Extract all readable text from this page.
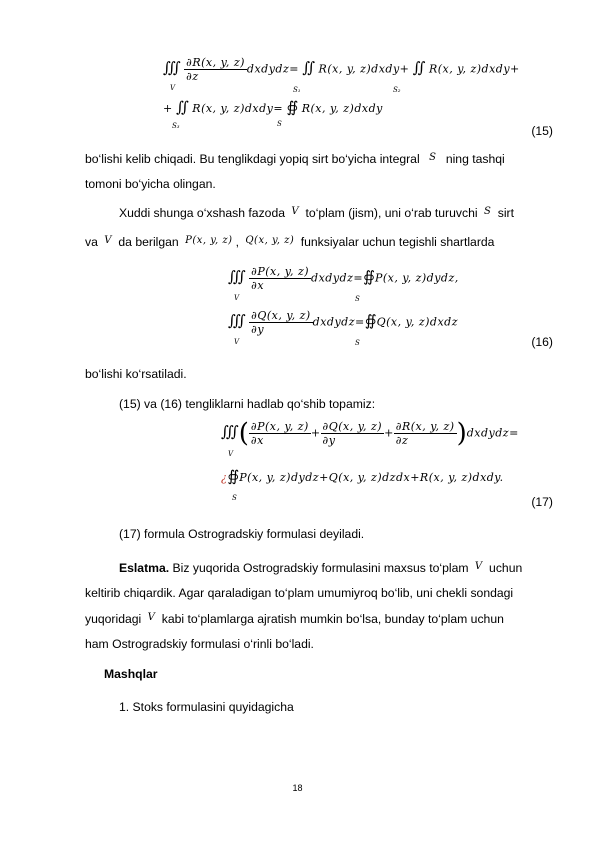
∭ $\frac{\partial R(x, y, z)}{\partial z}$ dxdydz= ∬ R(x, y, z)dxdy+ ∬ R(x, y, z)dxdy+
V	S₁	S₂
+ ∬ R(x, y, z)dxdy= ∯ R(x, y, z)dxdy
S₃	S	(15)
bo‘lishi kelib chiqadi. Bu tenglikdagi yopiq sirt bo‘yicha integral $^S$ ning tashqi
tomoni bo‘yicha olingan.
Xuddi shunga o‘xshash fazoda $^V$ to‘plam (jism), uni o‘rab turuvchi $^S$ sirt
va $^V$ da berilgan $^{P(x, y, z)}$ , $^{Q(x, y, z)}$ funksiyalar uchun tegishli shartlarda
∭ $\frac{\partial P(x, y, z)}{\partial x}$ dxdydz=∯P(x, y, z)dydz,
V	S
∭ $\frac{\partial Q(x, y, z)}{\partial y}$ dxdydz=∯Q(x, y, z)dxdz
V	S	(16)
bo‘lishi ko‘rsatiladi.
(15) va (16) tengliklarni hadlab qo‘shib topamiz:
∭( $\frac{\partial P(x, y, z)}{\partial x} + \frac{\partial Q(x, y, z)}{\partial y} + \frac{\partial R(x, y, z)}{\partial z}$ )dxdydz=
V
¿∯P(x, y, z)dydz+Q(x, y, z)dzdx+R(x, y, z)dxdy.
S	(17)
(17) formula Ostrogradskiy formulasi deyiladi.
Eslatma. Biz yuqorida Ostrogradskiy formulasini maxsus to‘plam $^V$ uchun
keltirib chiqardik. Agar qaraladigan to‘plam umumiyroq bo‘lib, uni chekli sondagi
yuqoridagi $^V$ kabi to‘plamlarga ajratish mumkin bo‘lsa, bunday to‘plam uchun
ham Ostrogradskiy formulasi o‘rinli bo‘ladi.
Mashqlar
1. Stoks formulasini quyidagicha
18
